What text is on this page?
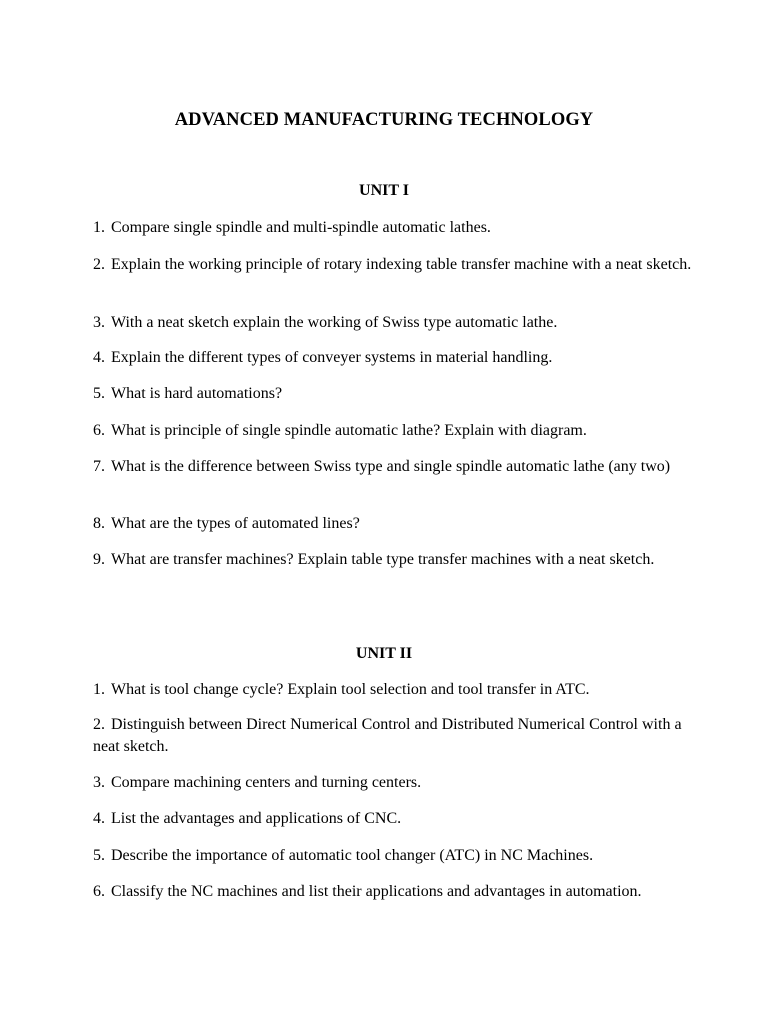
ADVANCED MANUFACTURING TECHNOLOGY
UNIT I

1. Compare single spindle and multi-spindle automatic lathes.

2. Explain the working principle of rotary indexing table transfer machine with a neat sketch.

3. With a neat sketch explain the working of Swiss type automatic lathe.

4. Explain the different types of conveyer systems in material handling.

5. What is hard automations?

6. What is principle of single spindle automatic lathe? Explain with diagram.

7. What is the difference between Swiss type and single spindle automatic lathe (any two)

8. What are the types of automated lines?

9. What are transfer machines? Explain table type transfer machines with a neat sketch.

UNIT II

1. What is tool change cycle? Explain tool selection and tool transfer in ATC.

2. Distinguish between Direct Numerical Control and Distributed Numerical Control with a neat sketch.

3. Compare machining centers and turning centers.

4. List the advantages and applications of CNC.

5. Describe the importance of automatic tool changer (ATC) in NC Machines.

6. Classify the NC machines and list their applications and advantages in automation.
